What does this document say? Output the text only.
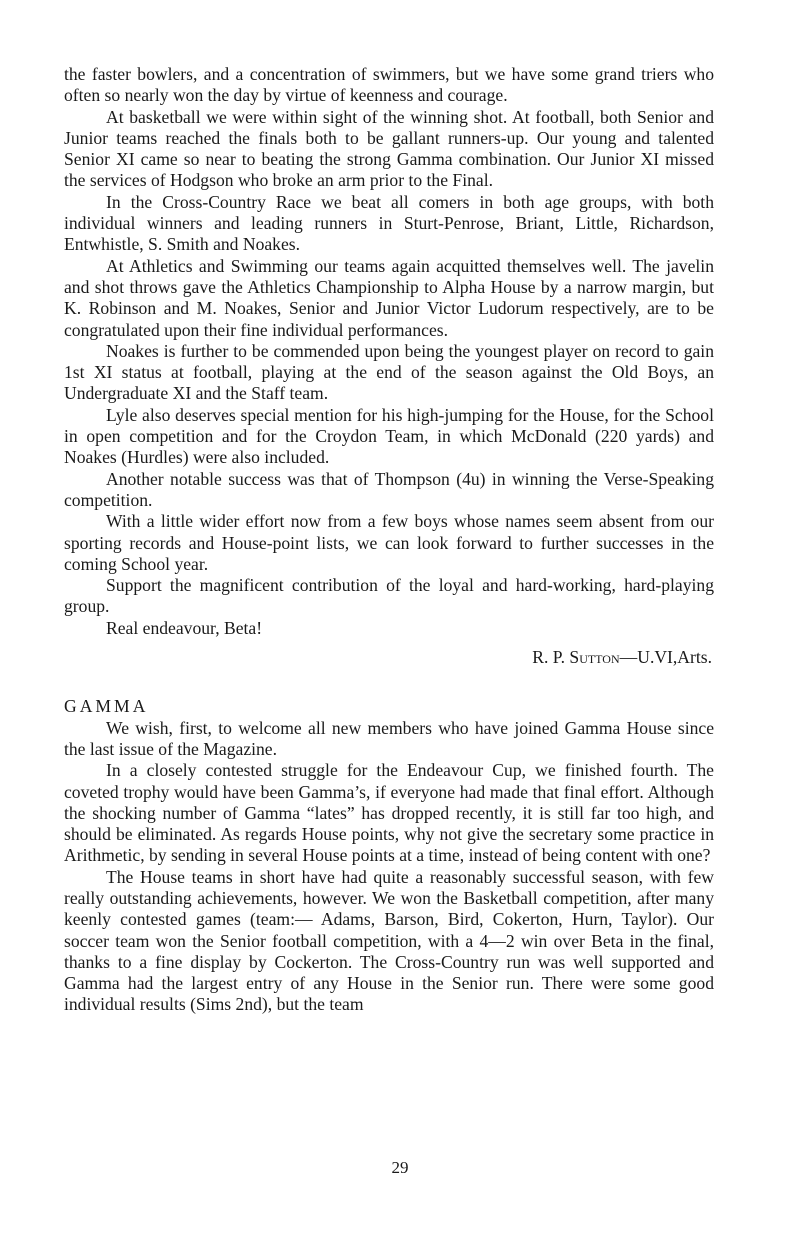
the faster bowlers, and a concentration of swimmers, but we have some grand triers who often so nearly won the day by virtue of keenness and courage.

At basketball we were within sight of the winning shot. At football, both Senior and Junior teams reached the finals both to be gallant runners-up. Our young and talented Senior XI came so near to beating the strong Gamma combination. Our Junior XI missed the services of Hodgson who broke an arm prior to the Final.

In the Cross-Country Race we beat all comers in both age groups, with both individual winners and leading runners in Sturt-Penrose, Briant, Little, Richardson, Entwhistle, S. Smith and Noakes.

At Athletics and Swimming our teams again acquitted themselves well. The javelin and shot throws gave the Athletics Championship to Alpha House by a narrow margin, but K. Robinson and M. Noakes, Senior and Junior Victor Ludorum respectively, are to be congratulated upon their fine individual performances.

Noakes is further to be commended upon being the youngest player on record to gain 1st XI status at football, playing at the end of the season against the Old Boys, an Undergraduate XI and the Staff team.

Lyle also deserves special mention for his high-jumping for the House, for the School in open competition and for the Croydon Team, in which McDonald (220 yards) and Noakes (Hurdles) were also included.

Another notable success was that of Thompson (4u) in winning the Verse-Speaking competition.

With a little wider effort now from a few boys whose names seem absent from our sporting records and House-point lists, we can look forward to further successes in the coming School year.

Support the magnificent contribution of the loyal and hard-working, hard-playing group.

Real endeavour, Beta!

R. P. Sutton—U.VI,Arts.
GAMMA

We wish, first, to welcome all new members who have joined Gamma House since the last issue of the Magazine.

In a closely contested struggle for the Endeavour Cup, we finished fourth. The coveted trophy would have been Gamma’s, if everyone had made that final effort. Although the shocking number of Gamma “lates” has dropped recently, it is still far too high, and should be eliminated. As regards House points, why not give the secretary some practice in Arithmetic, by sending in several House points at a time, instead of being content with one?

The House teams in short have had quite a reasonably successful season, with few really outstanding achievements, however. We won the Basketball competition, after many keenly contested games (team:— Adams, Barson, Bird, Cokerton, Hurn, Taylor). Our soccer team won the Senior football competition, with a 4—2 win over Beta in the final, thanks to a fine display by Cockerton. The Cross-Country run was well supported and Gamma had the largest entry of any House in the Senior run. There were some good individual results (Sims 2nd), but the team

29
